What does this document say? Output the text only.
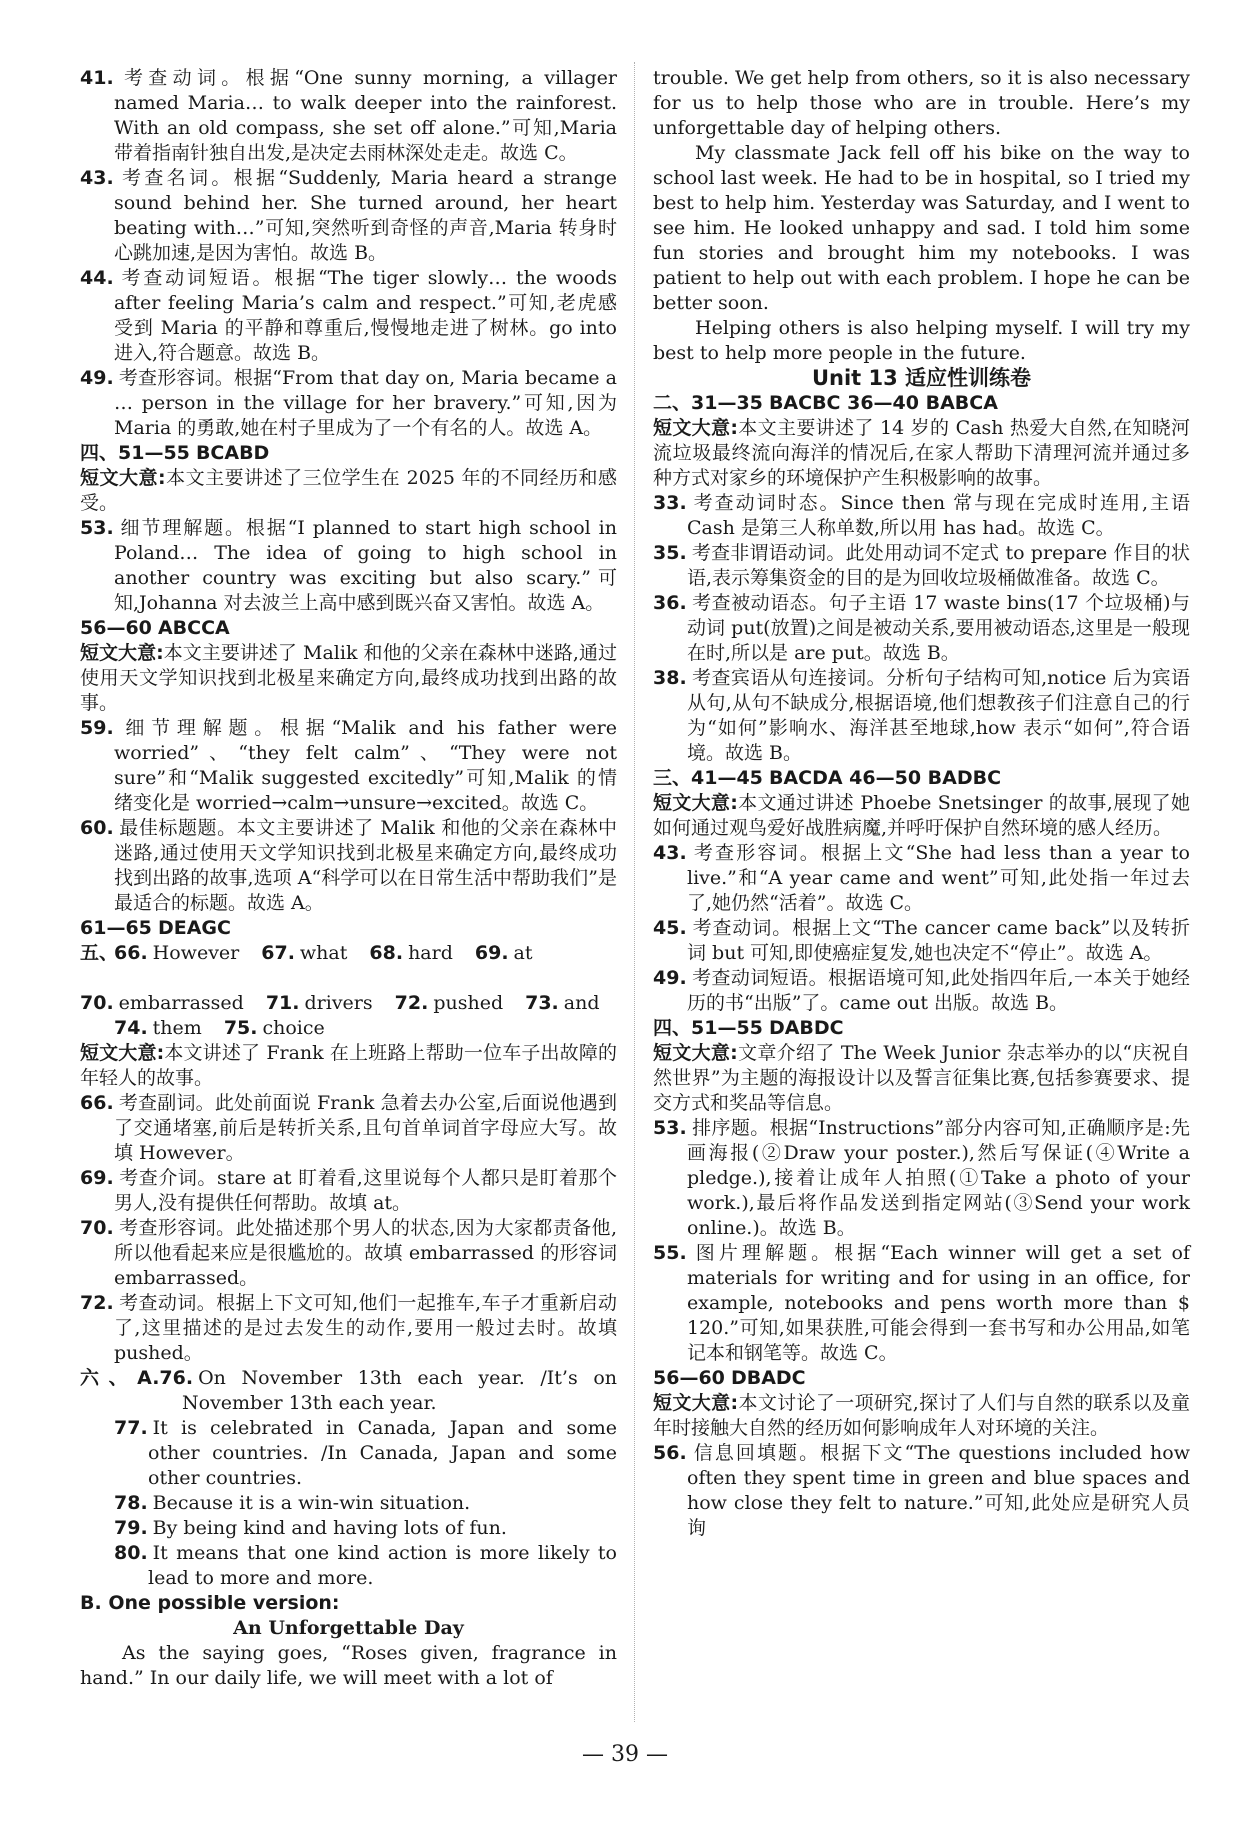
41. 考查动词。根据“One sunny morning, a villager named Maria… to walk deeper into the rainforest. With an old compass, she set off alone.”可知,Maria 带着指南针独自出发,是决定去雨林深处走走。故选 C。

43. 考查名词。根据“Suddenly, Maria heard a strange sound behind her. She turned around, her heart beating with…”可知,突然听到奇怪的声音,Maria 转身时心跳加速,是因为害怕。故选 B。

44. 考查动词短语。根据“The tiger slowly… the woods after feeling Maria’s calm and respect.”可知,老虎感受到 Maria 的平静和尊重后,慢慢地走进了树林。go into 进入,符合题意。故选 B。

49. 考查形容词。根据“From that day on, Maria became a … person in the village for her bravery.”可知,因为 Maria 的勇敢,她在村子里成为了一个有名的人。故选 A。

四、51—55 BCABD

短文大意:本文主要讲述了三位学生在 2025 年的不同经历和感受。

53. 细节理解题。根据“I planned to start high school in Poland… The idea of going to high school in another country was exciting but also scary.”可知,Johanna 对去波兰上高中感到既兴奋又害怕。故选 A。

56—60 ABCCA

短文大意:本文主要讲述了 Malik 和他的父亲在森林中迷路,通过使用天文学知识找到北极星来确定方向,最终成功找到出路的故事。

59. 细节理解题。根据“Malik and his father were worried”、“they felt calm”、“They were not sure”和“Malik suggested excitedly”可知,Malik 的情绪变化是 worried→calm→unsure→excited。故选 C。

60. 最佳标题题。本文主要讲述了 Malik 和他的父亲在森林中迷路,通过使用天文学知识找到北极星来确定方向,最终成功找到出路的故事,选项 A“科学可以在日常生活中帮助我们”是最适合的标题。故选 A。

61—65 DEAGC

五、66. However 67. what 68. hard 69. at

70. embarrassed 71. drivers 72. pushed 73. and

74. them 75. choice

短文大意:本文讲述了 Frank 在上班路上帮助一位车子出故障的年轻人的故事。

66. 考查副词。此处前面说 Frank 急着去办公室,后面说他遇到了交通堵塞,前后是转折关系,且句首单词首字母应大写。故填 However。

69. 考查介词。stare at 盯着看,这里说每个人都只是盯着那个男人,没有提供任何帮助。故填 at。

70. 考查形容词。此处描述那个男人的状态,因为大家都责备他,所以他看起来应是很尴尬的。故填 embarrassed 的形容词 embarrassed。

72. 考查动词。根据上下文可知,他们一起推车,车子才重新启动了,这里描述的是过去发生的动作,要用一般过去时。故填 pushed。

六、A.76. On November 13th each year. /It’s on November 13th each year.

77. It is celebrated in Canada, Japan and some other countries. /In Canada, Japan and some other countries.

78. Because it is a win-win situation.

79. By being kind and having lots of fun.

80. It means that one kind action is more likely to lead to more and more.

B. One possible version:

An Unforgettable Day

As the saying goes, “Roses given, fragrance in hand.” In our daily life, we will meet with a lot of

trouble. We get help from others, so it is also necessary for us to help those who are in trouble. Here’s my unforgettable day of helping others.

My classmate Jack fell off his bike on the way to school last week. He had to be in hospital, so I tried my best to help him. Yesterday was Saturday, and I went to see him. He looked unhappy and sad. I told him some fun stories and brought him my notebooks. I was patient to help out with each problem. I hope he can be better soon.

Helping others is also helping myself. I will try my best to help more people in the future.

Unit 13 适应性训练卷

二、31—35 BACBC 36—40 BABCA

短文大意:本文主要讲述了 14 岁的 Cash 热爱大自然,在知晓河流垃圾最终流向海洋的情况后,在家人帮助下清理河流并通过多种方式对家乡的环境保护产生积极影响的故事。

33. 考查动词时态。Since then 常与现在完成时连用,主语 Cash 是第三人称单数,所以用 has had。故选 C。

35. 考查非谓语动词。此处用动词不定式 to prepare 作目的状语,表示筹集资金的目的是为回收垃圾桶做准备。故选 C。

36. 考查被动语态。句子主语 17 waste bins(17 个垃圾桶)与动词 put(放置)之间是被动关系,要用被动语态,这里是一般现在时,所以是 are put。故选 B。

38. 考查宾语从句连接词。分析句子结构可知,notice 后为宾语从句,从句不缺成分,根据语境,他们想教孩子们注意自己的行为“如何”影响水、海洋甚至地球,how 表示“如何”,符合语境。故选 B。

三、41—45 BACDA 46—50 BADBC

短文大意:本文通过讲述 Phoebe Snetsinger 的故事,展现了她如何通过观鸟爱好战胜病魔,并呼吁保护自然环境的感人经历。

43. 考查形容词。根据上文“She had less than a year to live.”和“A year came and went”可知,此处指一年过去了,她仍然“活着”。故选 C。

45. 考查动词。根据上文“The cancer came back”以及转折词 but 可知,即使癌症复发,她也决定不“停止”。故选 A。

49. 考查动词短语。根据语境可知,此处指四年后,一本关于她经历的书“出版”了。came out 出版。故选 B。

四、51—55 DABDC

短文大意:文章介绍了 The Week Junior 杂志举办的以“庆祝自然世界”为主题的海报设计以及誓言征集比赛,包括参赛要求、提交方式和奖品等信息。

53. 排序题。根据“Instructions”部分内容可知,正确顺序是:先画海报(②Draw your poster.),然后写保证(④Write a pledge.),接着让成年人拍照(①Take a photo of your work.),最后将作品发送到指定网站(③Send your work online.)。故选 B。

55. 图片理解题。根据“Each winner will get a set of materials for writing and for using in an office, for example, notebooks and pens worth more than $ 120.”可知,如果获胜,可能会得到一套书写和办公用品,如笔记本和钢笔等。故选 C。

56—60 DBADC

短文大意:本文讨论了一项研究,探讨了人们与自然的联系以及童年时接触大自然的经历如何影响成年人对环境的关注。

56. 信息回填题。根据下文“The questions included how often they spent time in green and blue spaces and how close they felt to nature.”可知,此处应是研究人员询

— 39 —
